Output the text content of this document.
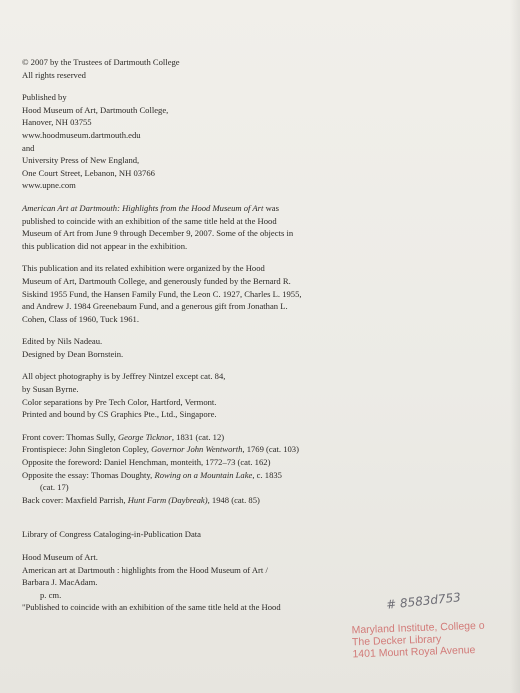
© 2007 by the Trustees of Dartmouth College
All rights reserved
Published by
Hood Museum of Art, Dartmouth College,
Hanover, NH 03755
www.hoodmuseum.dartmouth.edu
and
University Press of New England,
One Court Street, Lebanon, NH 03766
www.upne.com
American Art at Dartmouth: Highlights from the Hood Museum of Art was
published to coincide with an exhibition of the same title held at the Hood
Museum of Art from June 9 through December 9, 2007. Some of the objects in
this publication did not appear in the exhibition.
This publication and its related exhibition were organized by the Hood
Museum of Art, Dartmouth College, and generously funded by the Bernard R.
Siskind 1955 Fund, the Hansen Family Fund, the Leon C. 1927, Charles L. 1955,
and Andrew J. 1984 Greenebaum Fund, and a generous gift from Jonathan L.
Cohen, Class of 1960, Tuck 1961.
Edited by Nils Nadeau.
Designed by Dean Bornstein.
All object photography is by Jeffrey Nintzel except cat. 84,
by Susan Byrne.
Color separations by Pre Tech Color, Hartford, Vermont.
Printed and bound by CS Graphics Pte., Ltd., Singapore.
Front cover: Thomas Sully, George Ticknor, 1831 (cat. 12)
Frontispiece: John Singleton Copley, Governor John Wentworth, 1769 (cat. 103)
Opposite the foreword: Daniel Henchman, monteith, 1772–73 (cat. 162)
Opposite the essay: Thomas Doughty, Rowing on a Mountain Lake, c. 1835
(cat. 17)
Back cover: Maxfield Parrish, Hunt Farm (Daybreak), 1948 (cat. 85)
Library of Congress Cataloging-in-Publication Data
Hood Museum of Art.
American art at Dartmouth : highlights from the Hood Museum of Art /
Barbara J. MacAdam.
p. cm.
"Published to coincide with an exhibition of the same title held at the Hood	# 8583d753
Maryland Institute, College o
The Decker Library
1401 Mount Royal Avenue
